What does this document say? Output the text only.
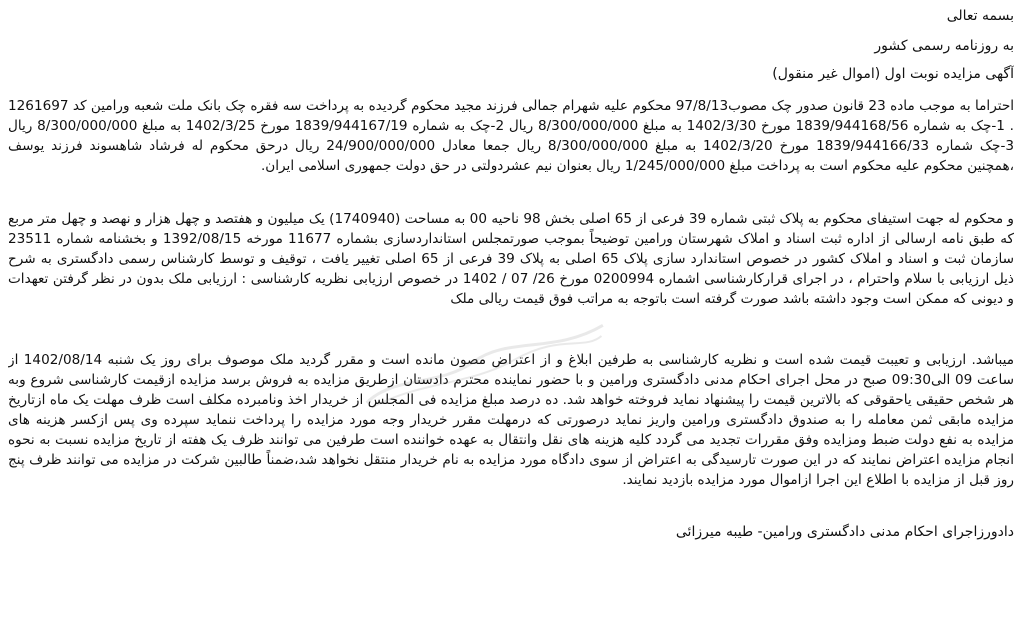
بسمه تعالی
به روزنامه رسمی کشور
آگهی مزایده نوبت اول (اموال غیر منقول)

احتراما به موجب ماده 23 قانون صدور چک مصوب97/8/13 محکوم علیه شهرام جمالی فرزند مجید محکوم گردیده به پرداخت سه فقره چک بانک ملت شعبه ورامین کد 1261697 . 1-چک به شماره 1839/944168/56 مورخ 1402/3/30 به مبلغ 8/300/000/000 ریال 2-چک به شماره 1839/944167/19 مورخ 1402/3/25 به مبلغ 8/300/000/000 ریال 3-چک شماره 1839/944166/33 مورخ 1402/3/20 به مبلغ 8/300/000/000 ریال جمعا معادل 24/900/000/000 ریال درحق محکوم له فرشاد شاهسوند فرزند یوسف ،همچنین محکوم علیه محکوم است به پرداخت مبلغ 1/245/000/000 ریال بعنوان نیم عشردولتی در حق دولت جمهوری اسلامی ایران.

و محکوم له جهت استیفای محکوم به پلاک ثبتی شماره 39 فرعی از 65 اصلی بخش 98 ناحیه 00 به مساحت (1740940) یک میلیون و هفتصد و چهل هزار و نهصد و چهل متر مربع که طبق نامه ارسالی از اداره ثبت اسناد و املاک شهرستان ورامین توضیحاً بموجب صورتمجلس استانداردسازی بشماره 11677 مورخه 1392/08/15 و بخشنامه شماره 23511 سازمان ثبت و اسناد و املاک کشور در خصوص استاندارد سازی پلاک 65 اصلی به پلاک 39 فرعی از 65 اصلی تغییر یافت ، توقیف و توسط کارشناس رسمی دادگستری به شرح ذیل ارزیابی با سلام واحترام ، در اجرای قرارکارشناسی اشماره 0200994 مورخ 26/ 07 / 1402 در خصوص ارزیابی نظریه کارشناسی : ارزیابی ملک بدون در نظر گرفتن تعهدات و دیونی که ممکن است وجود داشته باشد صورت گرفته است باتوجه به مراتب فوق قیمت ریالی ملک

میباشد. ارزیابی و تعیبت قیمت شده است و نظریه کارشناسی به طرفین ابلاغ و از اعتراض مصون مانده است و مقرر گردید ملک موصوف برای روز یک شنبه 1402/08/14 از ساعت 09 الی09:30 صبح در محل اجرای احکام مدنی دادگستری ورامین و با حضور نماینده محترم دادستان ازطریق مزایده به فروش برسد مزایده ازقیمت کارشناسی شروع وبه هر شخص حقیقی یاحقوقی که بالاترین قیمت را پیشنهاد نماید فروخته خواهد شد. ده درصد مبلغ مزایده فی المجلس از خریدار اخذ ونامبرده مکلف است ظرف مهلت یک ماه ازتاریخ مزایده مابقی ثمن معامله را به صندوق دادگستری ورامین واریز نماید درصورتی که درمهلت مقرر خریدار وجه مورد مزایده را پرداخت ننماید سپرده وی پس ازکسر هزینه های مزایده به نفع دولت ضبط ومزایده وفق مقررات تجدید می گردد کلیه هزینه های نقل وانتقال به عهده خواننده است طرفین می توانند ظرف یک هفته از تاریخ مزایده نسبت به نحوه انجام مزایده اعتراض نمایند که در این صورت تارسیدگی به اعتراض از سوی دادگاه مورد مزایده به نام خریدار منتقل نخواهد شد،ضمناً طالبین شرکت در مزایده می توانند ظرف پنج روز قبل از مزایده با اطلاع این اجرا ازاموال مورد مزایده بازدید نمایند.

دادورزاجرای احکام مدنی دادگستری ورامین- طیبه میرزائی
